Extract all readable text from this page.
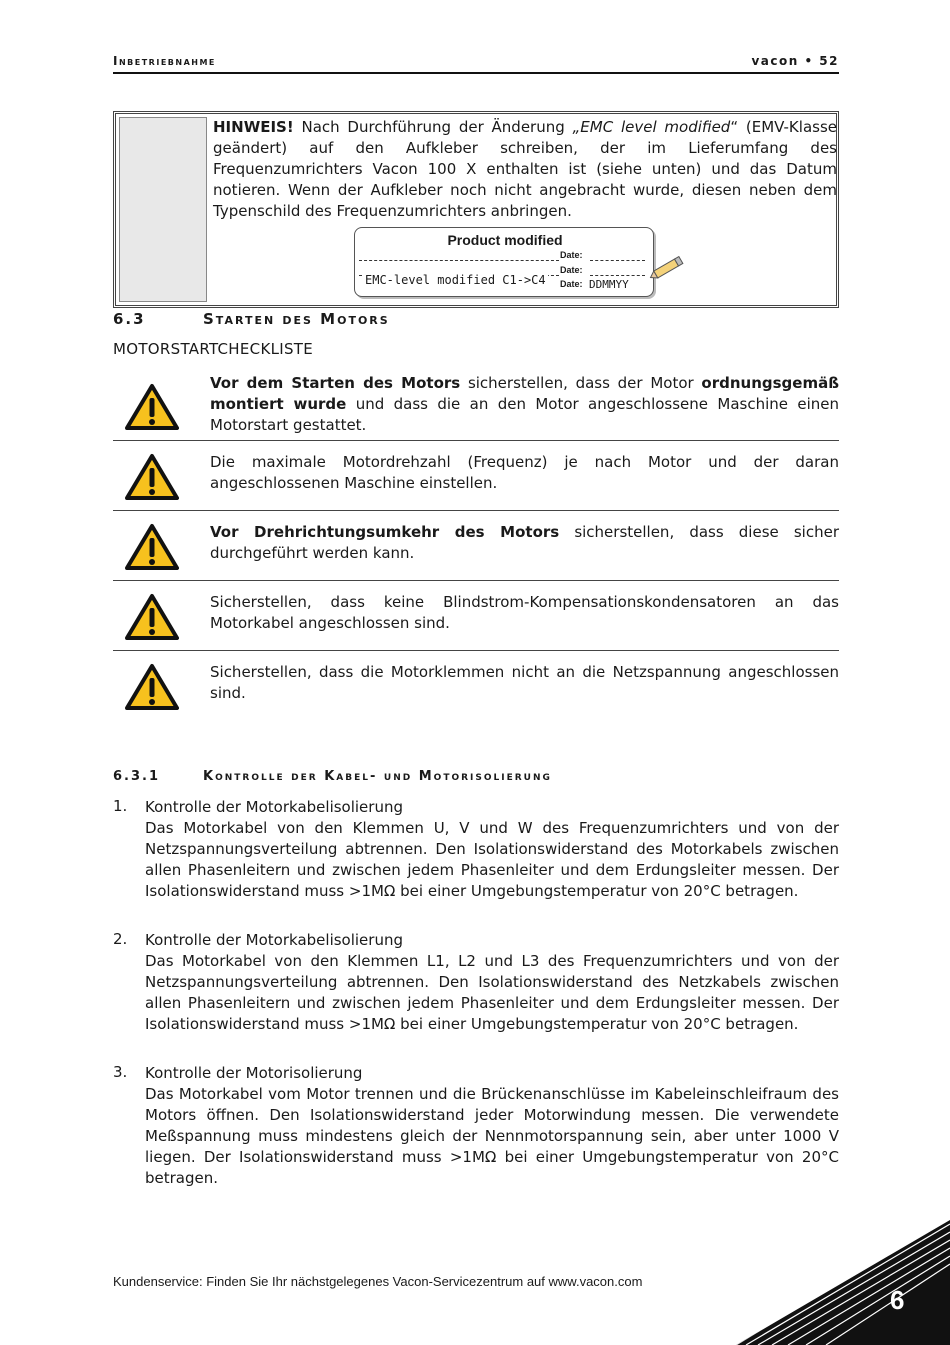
Inbetriebnahme	vacon • 52
HINWEIS! Nach Durchführung der Änderung „EMC level modified“ (EMV-Klasse geändert) auf den Aufkleber schreiben, der im Lieferumfang des Frequenzumrichters Vacon 100 X enthalten ist (siehe unten) und das Datum notieren. Wenn der Aufkleber noch nicht angebracht wurde, diesen neben dem Typenschild des Frequenzumrichters anbringen.
Product modified
EMC-level modified C1->C4
Date:
Date:
Date: DDMMYY
6.3	Starten des Motors
MOTORSTARTCHECKLISTE
Vor dem Starten des Motors sicherstellen, dass der Motor ordnungsgemäß montiert wurde und dass die an den Motor angeschlossene Maschine einen Motorstart gestattet.
Die maximale Motordrehzahl (Frequenz) je nach Motor und der daran angeschlossenen Maschine einstellen.
Vor Drehrichtungsumkehr des Motors sicherstellen, dass diese sicher durchgeführt werden kann.
Sicherstellen, dass keine Blindstrom-Kompensationskondensatoren an das Motorkabel angeschlossen sind.
Sicherstellen, dass die Motorklemmen nicht an die Netzspannung angeschlossen sind.
6.3.1	Kontrolle der Kabel- und Motorisolierung
1. Kontrolle der Motorkabelisolierung
Das Motorkabel von den Klemmen U, V und W des Frequenzumrichters und von der Netzspannungsverteilung abtrennen. Den Isolationswiderstand des Motorkabels zwischen allen Phasenleitern und zwischen jedem Phasenleiter und dem Erdungsleiter messen. Der Isolationswiderstand muss >1MΩ bei einer Umgebungstemperatur von 20°C betragen.
2. Kontrolle der Motorkabelisolierung
Das Motorkabel von den Klemmen L1, L2 und L3 des Frequenzumrichters und von der Netzspannungsverteilung abtrennen. Den Isolationswiderstand des Netzkabels zwischen allen Phasenleitern und zwischen jedem Phasenleiter und dem Erdungsleiter messen. Der Isolationswiderstand muss >1MΩ bei einer Umgebungstemperatur von 20°C betragen.
3. Kontrolle der Motorisolierung
Das Motorkabel vom Motor trennen und die Brückenanschlüsse im Kabeleinschleifraum des Motors öffnen. Den Isolationswiderstand jeder Motorwindung messen. Die verwendete Meßspannung muss mindestens gleich der Nennmotorspannung sein, aber unter 1000 V liegen. Der Isolationswiderstand muss >1MΩ bei einer Umgebungstemperatur von 20°C betragen.
Kundenservice: Finden Sie Ihr nächstgelegenes Vacon-Servicezentrum auf www.vacon.com
6
